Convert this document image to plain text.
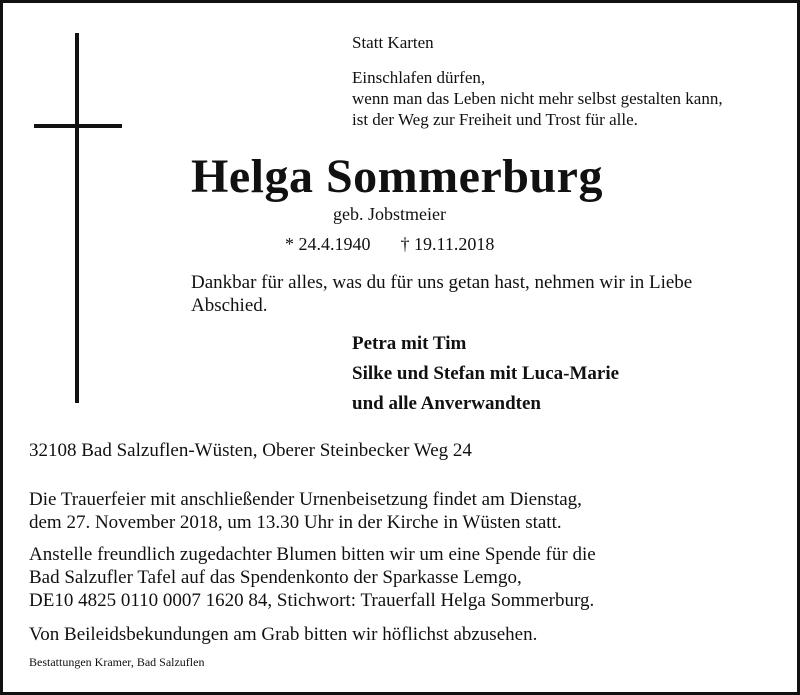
Statt Karten
Einschlafen dürfen,
wenn man das Leben nicht mehr selbst gestalten kann,
ist der Weg zur Freiheit und Trost für alle.
Helga Sommerburg
geb. Jobstmeier
* 24.4.1940 † 19.11.2018
Dankbar für alles, was du für uns getan hast, nehmen wir in Liebe
Abschied.
Petra mit Tim
Silke und Stefan mit Luca-Marie
und alle Anverwandten
32108 Bad Salzuflen-Wüsten, Oberer Steinbecker Weg 24
Die Trauerfeier mit anschließender Urnenbeisetzung findet am Dienstag,
dem 27. November 2018, um 13.30 Uhr in der Kirche in Wüsten statt.
Anstelle freundlich zugedachter Blumen bitten wir um eine Spende für die
Bad Salzufler Tafel auf das Spendenkonto der Sparkasse Lemgo,
DE10 4825 0110 0007 1620 84, Stichwort: Trauerfall Helga Sommerburg.
Von Beileidsbekundungen am Grab bitten wir höflichst abzusehen.
Bestattungen Kramer, Bad Salzuflen
